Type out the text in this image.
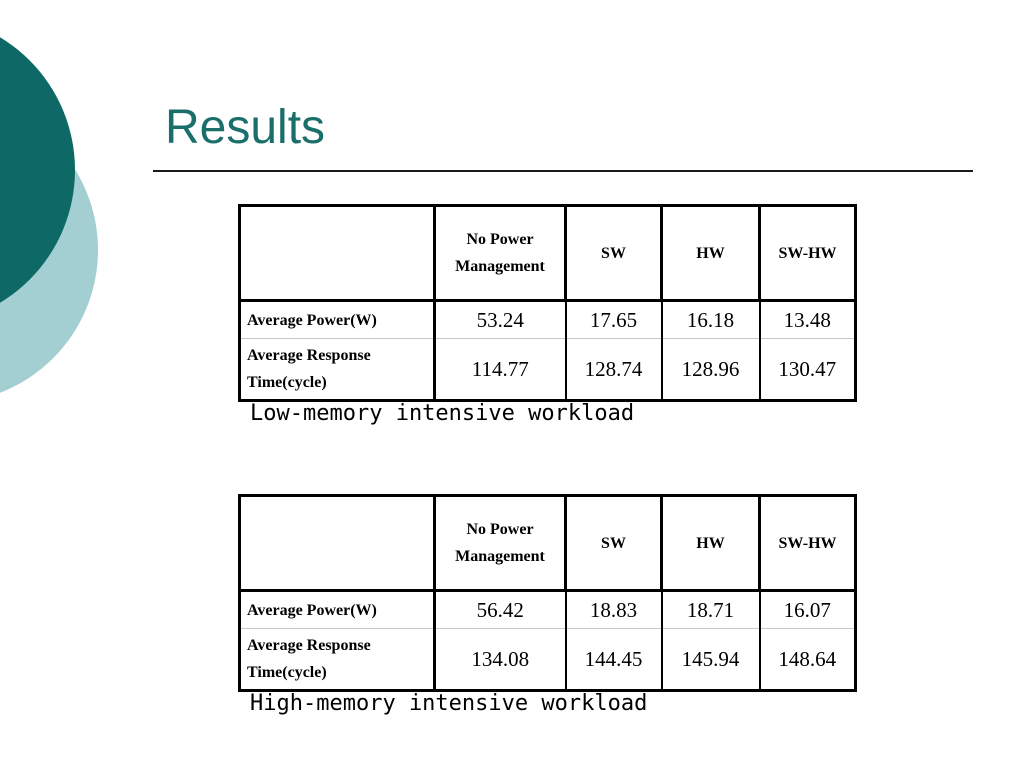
Results
	No Power
Management	SW	HW	SW-HW
Average Power(W)	53.24	17.65	16.18	13.48
Average Response
Time(cycle)	114.77	128.74	128.96	130.47

Low-memory intensive workload

	No Power
Management	SW	HW	SW-HW
Average Power(W)	56.42	18.83	18.71	16.07
Average Response
Time(cycle)	134.08	144.45	145.94	148.64

High-memory intensive workload
